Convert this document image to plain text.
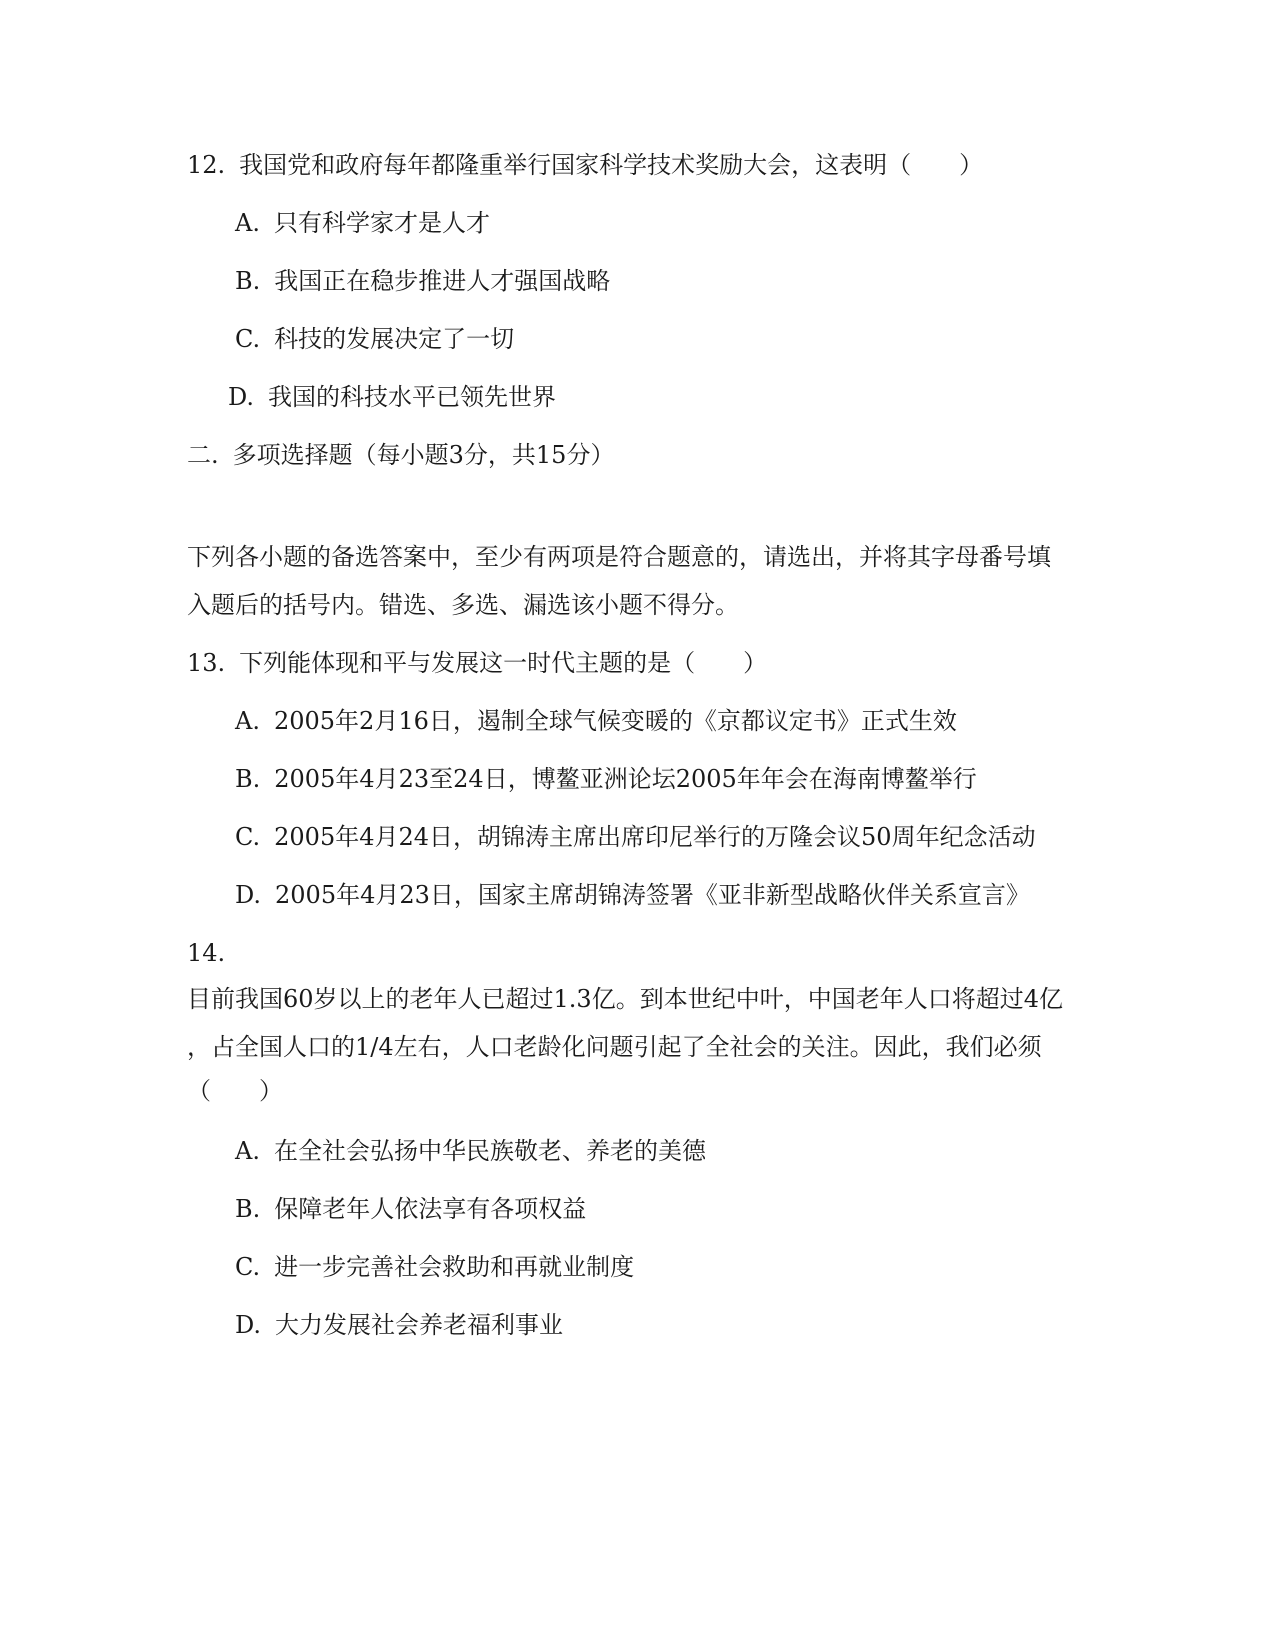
12. 我国党和政府每年都隆重举行国家科学技术奖励大会，这表明（　　）
A. 只有科学家才是人才
B. 我国正在稳步推进人才强国战略
C. 科技的发展决定了一切
D. 我国的科技水平已领先世界
二. 多项选择题（每小题3分，共15分）
下列各小题的备选答案中，至少有两项是符合题意的，请选出，并将其字母番号填
入题后的括号内。错选、多选、漏选该小题不得分。
13. 下列能体现和平与发展这一时代主题的是（　　）
A. 2005年2月16日，遏制全球气候变暖的《京都议定书》正式生效
B. 2005年4月23至24日，博鳌亚洲论坛2005年年会在海南博鳌举行
C. 2005年4月24日，胡锦涛主席出席印尼举行的万隆会议50周年纪念活动
D. 2005年4月23日，国家主席胡锦涛签署《亚非新型战略伙伴关系宣言》
14.
目前我国60岁以上的老年人已超过1.3亿。到本世纪中叶，中国老年人口将超过4亿
，占全国人口的1/4左右，人口老龄化问题引起了全社会的关注。因此，我们必须
（　　）
A. 在全社会弘扬中华民族敬老、养老的美德
B. 保障老年人依法享有各项权益
C. 进一步完善社会救助和再就业制度
D. 大力发展社会养老福利事业
